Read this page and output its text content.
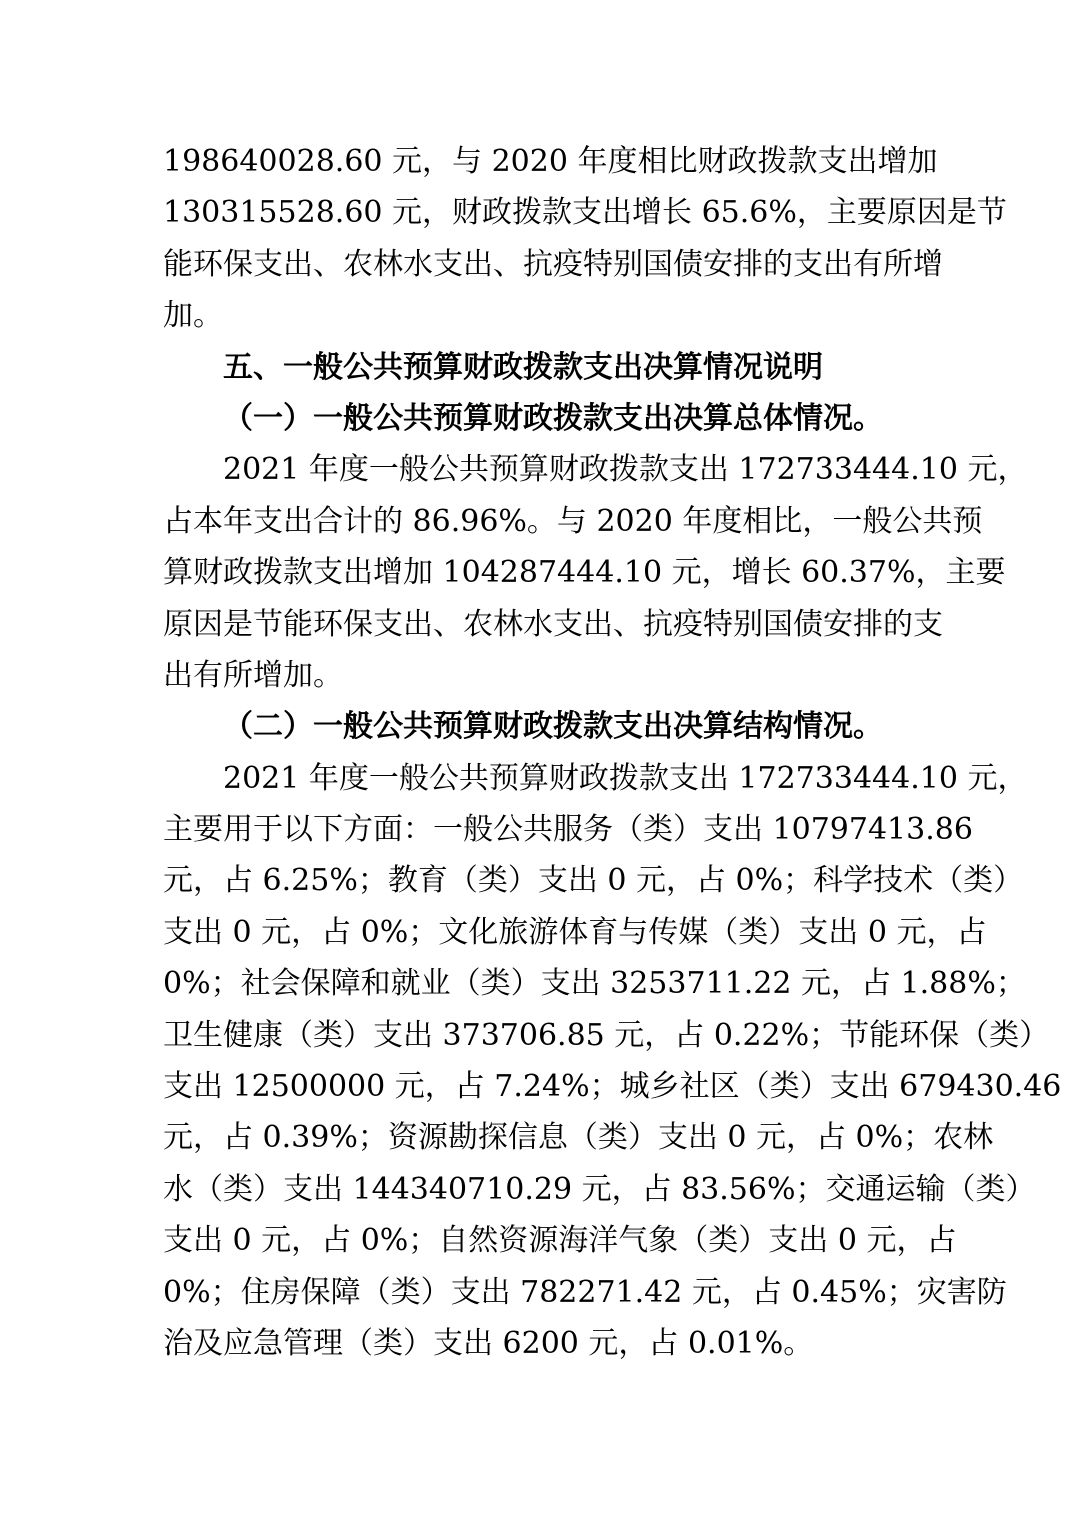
198640028.60 元，与 2020 年度相比财政拨款支出增加

130315528.60 元，财政拨款支出增长 65.6%，主要原因是节

能环保支出、农林水支出、抗疫特别国债安排的支出有所增

加。

五、一般公共预算财政拨款支出决算情况说明

（一）一般公共预算财政拨款支出决算总体情况。

2021 年度一般公共预算财政拨款支出 172733444.10 元，

占本年支出合计的 86.96%。与 2020 年度相比，一般公共预

算财政拨款支出增加 104287444.10 元，增长 60.37%，主要

原因是节能环保支出、农林水支出、抗疫特别国债安排的支

出有所增加。

（二）一般公共预算财政拨款支出决算结构情况。

2021 年度一般公共预算财政拨款支出 172733444.10 元，

主要用于以下方面：一般公共服务（类）支出 10797413.86

元，占 6.25%；教育（类）支出 0 元，占 0%；科学技术（类）

支出 0 元，占 0%；文化旅游体育与传媒（类）支出 0 元，占

0%；社会保障和就业（类）支出 3253711.22 元，占 1.88%；

卫生健康（类）支出 373706.85 元，占 0.22%；节能环保（类）

支出 12500000 元，占 7.24%；城乡社区（类）支出 679430.46

元，占 0.39%；资源勘探信息（类）支出 0 元，占 0%；农林

水（类）支出 144340710.29 元，占 83.56%；交通运输（类）

支出 0 元，占 0%；自然资源海洋气象（类）支出 0 元，占

0%；住房保障（类）支出 782271.42 元，占 0.45%；灾害防

治及应急管理（类）支出 6200 元，占 0.01%。
